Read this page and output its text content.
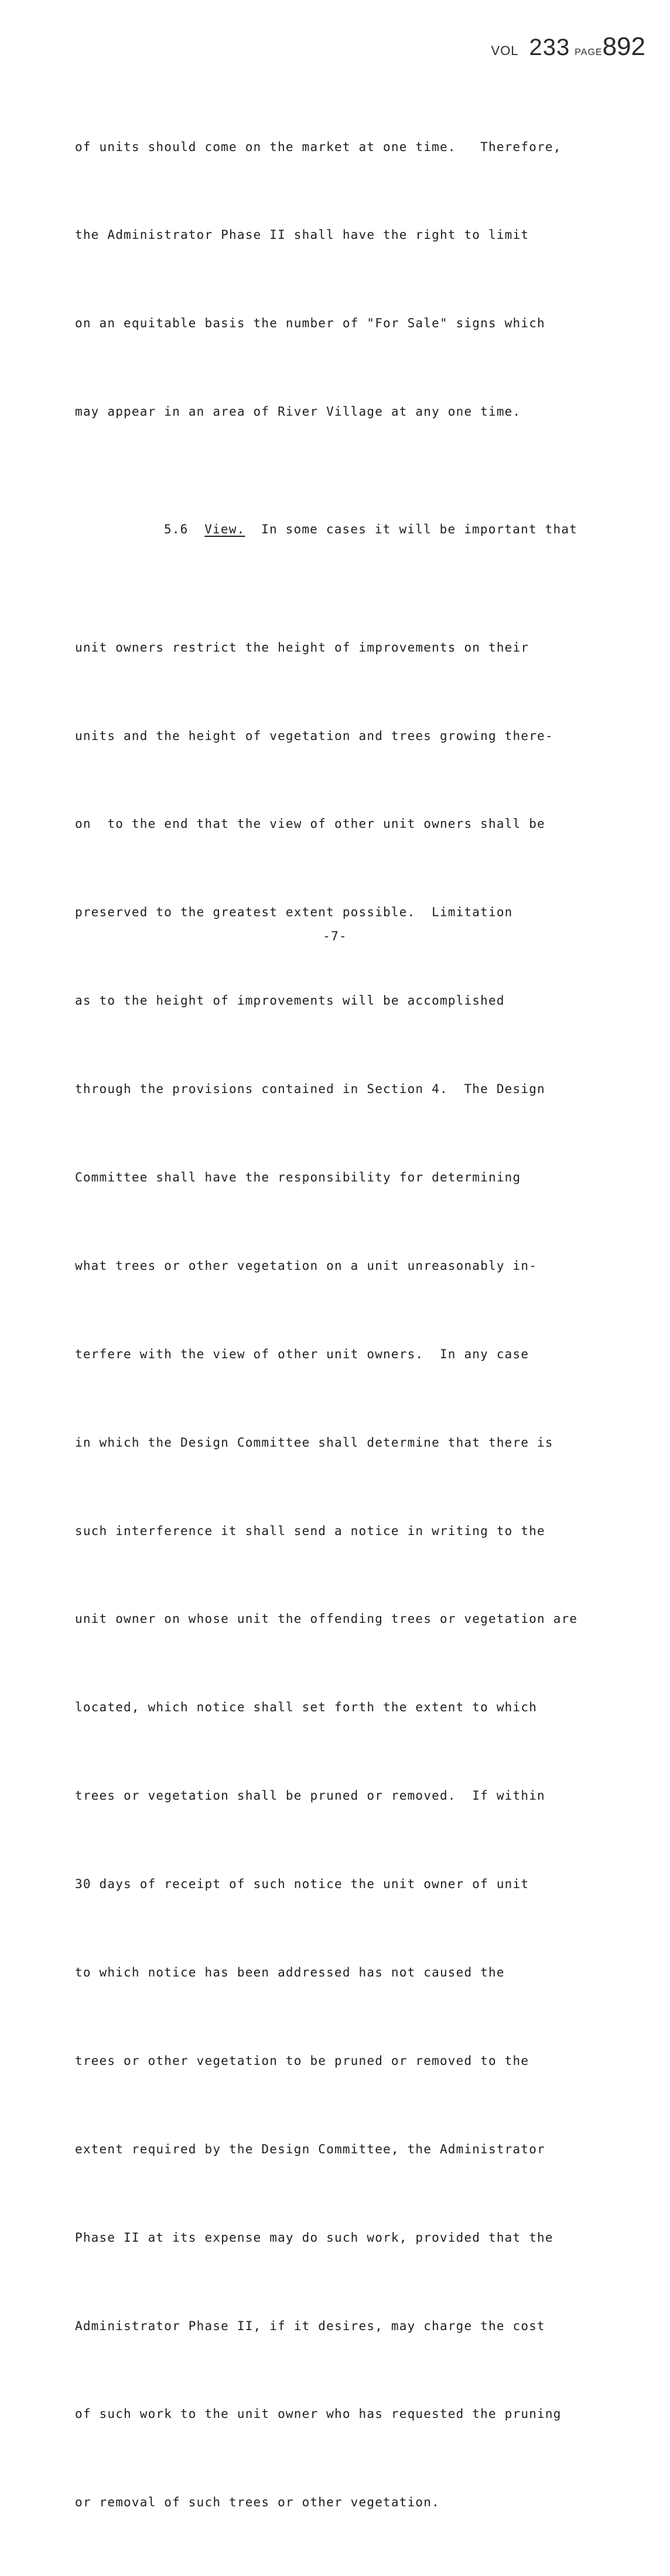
VOL 233 PAGE892

of units should come on the market at one time.   Therefore,

the Administrator Phase II shall have the right to limit

on an equitable basis the number of "For Sale" signs which

may appear in an area of River Village at any one time.

5.6 View. In some cases it will be important that

unit owners restrict the height of improvements on their

units and the height of vegetation and trees growing there-

on  to the end that the view of other unit owners shall be

preserved to the greatest extent possible.  Limitation

as to the height of improvements will be accomplished

through the provisions contained in Section 4.  The Design

Committee shall have the responsibility for determining

what trees or other vegetation on a unit unreasonably in-

terfere with the view of other unit owners.  In any case

in which the Design Committee shall determine that there is

such interference it shall send a notice in writing to the

unit owner on whose unit the offending trees or vegetation are

located, which notice shall set forth the extent to which

trees or vegetation shall be pruned or removed.  If within

30 days of receipt of such notice the unit owner of unit

to which notice has been addressed has not caused the

trees or other vegetation to be pruned or removed to the

extent required by the Design Committee, the Administrator

Phase II at its expense may do such work, provided that the

Administrator Phase II, if it desires, may charge the cost

of such work to the unit owner who has requested the pruning

or removal of such trees or other vegetation.

-7-
